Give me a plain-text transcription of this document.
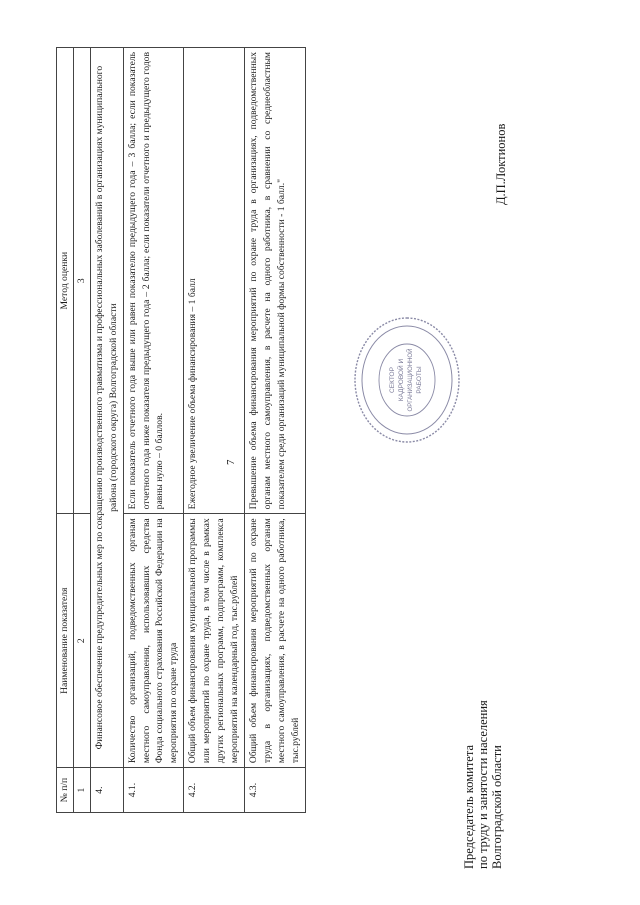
7
№ п/п	Наименование показателя	Метод оценки
1	2	3
4.	Финансовое обеспечение предупредительных мер по сокращению производственного травматизма и профессиональных заболеваний в организациях муниципального района (городского округа) Волгоградской области	
4.1.	Количество организаций, подведомственных органам местного самоуправления, использовавших средства Фонда социального страхования Российской Федерации на мероприятия по охране труда	Если показатель отчетного года выше или равен показателю предыдущего года – 3 балла; если показатель отчетного года ниже показателя предыдущего года – 2 балла; если показатели отчетного и предыдущего годов равны нулю – 0 баллов.
4.2.	Общий объем финансирования муниципальной программы или мероприятий по охране труда, в том числе в рамках других региональных программ, подпрограмм, комплекса мероприятий на календарный год, тыс.рублей	Ежегодное увеличение объема финансирования – 1 балл
4.3.	Общий объем финансирования мероприятий по охране труда в организациях, подведомственных органам местного самоуправления, в расчете на одного работника, тыс.рублей	Превышение объема финансирования мероприятий по охране труда в организациях, подведомственных органам местного самоуправления, в расчете на одного работника, в сравнении со среднеобластным показателем среди организаций муниципальной формы собственности - 1 балл."
Председатель комитета по труду и занятости населения Волгоградской области
Д.П.Локтионов
СЕКТОР КАДРОВОЙ И ОРГАНИЗАЦИОННОЙ РАБОТЫ
